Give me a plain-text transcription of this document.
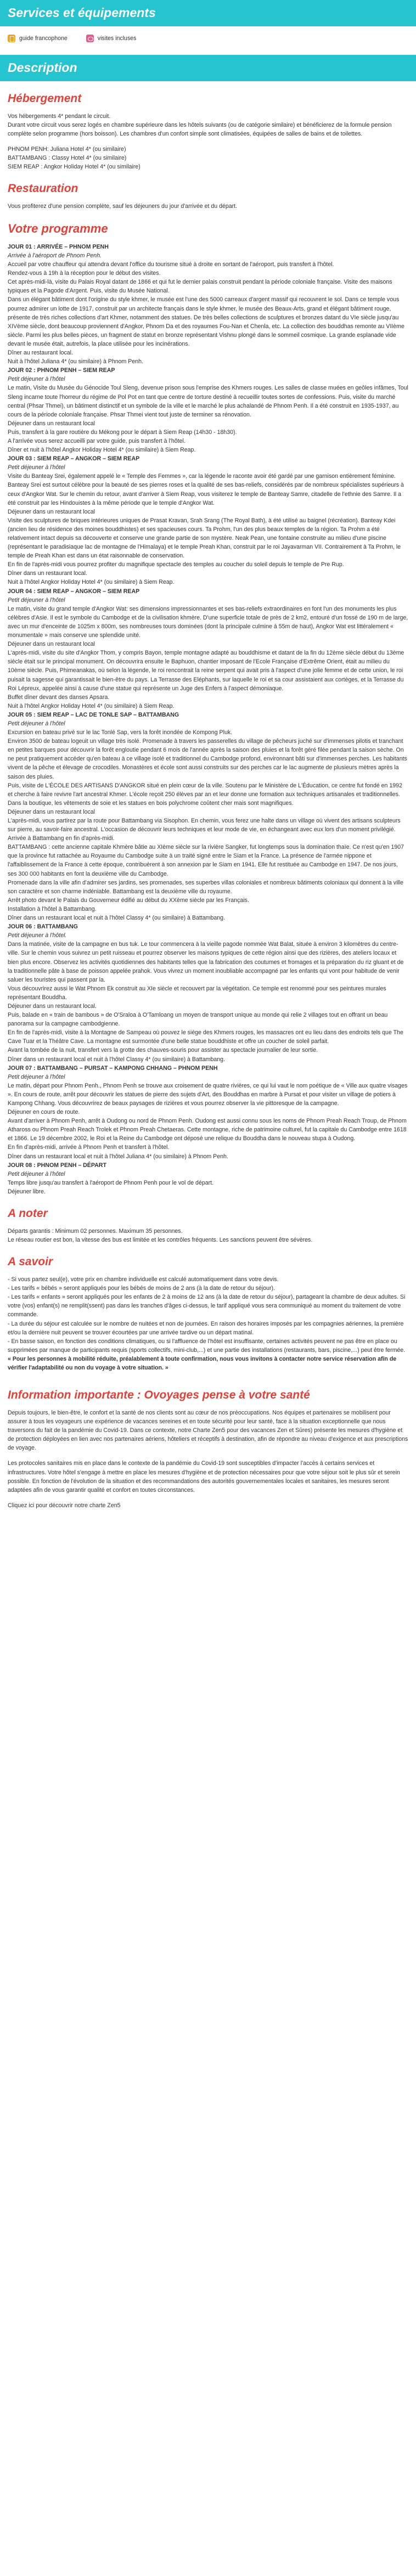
Services et équipements
guide francophone	visites incluses
Description
Hébergement

Vos hébergements 4* pendant le circuit.

Durant votre circuit vous serez logés en chambre supérieure dans les hôtels suivants (ou de catégorie similaire) et bénéficierez de la formule pension complète selon programme (hors boisson). Les chambres d'un confort simple sont climatisées, équipées de salles de bains et de toilettes.

PHNOM PENH: Juliana Hotel 4* (ou similaire)

BATTAMBANG : Classy Hotel 4* (ou similaire)

SIEM REAP : Angkor Holiday Hotel 4* (ou similaire)

Restauration

Vous profiterez d'une pension complète, sauf les déjeuners du jour d'arrivée et du départ.

Votre programme

JOUR 01 : ARRIVÉE – PHNOM PENH

Arrivée à l'aéroport de Phnom Penh.

Accueil par votre chauffeur qui attendra devant l'office du tourisme situé à droite en sortant de l'aéroport, puis transfert à l'hôtel.

Rendez-vous à 19h à la réception pour le début des visites.

Cet après-midi-là, visite du Palais Royal datant de 1866 et qui fut le dernier palais construit pendant la période coloniale française. Visite des maisons typiques et la Pagode d'Argent. Puis, visite du Musée National.

Dans un élégant bâtiment dont l'origine du style khmer, le musée est l'une des 5000 carreaux d'argent massif qui recouvrent le sol. Dans ce temple vous pourrez admirer un lotte de 1917, construit par un architecte français dans le style khmer, le musée des Beaux-Arts, grand et élégant bâtiment rouge, présente de très riches collections d'art Khmer, notamment des statues. De très belles collections de sculptures et bronzes datant du VIe siècle jusqu'au XIVème siècle, dont beaucoup proviennent d'Angkor, Phnom Da et des royaumes Fou-Nan et Chenla, etc. La collection des bouddhas remonte au VIIème siècle. Parmi les plus belles pièces, un fragment de statut en bronze représentant Vishnu plongé dans le sommeil cosmique. La grande esplanade vide devant le musée était, autrefois, la place utilisée pour les incinérations.

Dîner au restaurant local.

Nuit à l'hôtel Juliana 4* (ou similaire) à Phnom Penh.

JOUR 02 : PHNOM PENH – SIEM REAP

Petit déjeuner à l'hôtel

Le matin, Visite du Musée du Génocide Toul Sleng, devenue prison sous l'emprise des Khmers rouges. Les salles de classe muées en geôles infâmes, Toul Sleng incarne toute l'horreur du régime de Pol Pot en tant que centre de torture destiné à recueillir toutes sortes de confessions. Puis, visite du marché central (Phsar Thmei), un bâtiment distinctif et un symbole de la ville et le marché le plus achalandé de Phnom Penh. Il a été construit en 1935-1937, au cours de la période coloniale française. Phsar Thmei vient tout juste de terminer sa rénovation.

Déjeuner dans un restaurant local

Puis, transfert à la gare routière du Mékong pour le départ à Siem Reap (14h30 - 18h30).

A l'arrivée vous serez accueilli par votre guide, puis transfert à l'hôtel.

Dîner et nuit à l'hôtel Angkor Holiday Hotel 4* (ou similaire) à Siem Reap.

JOUR 03 : SIEM REAP – ANGKOR – SIEM REAP

Petit déjeuner à l'hôtel

Visite du Banteay Srei, également appelé le « Temple des Femmes », car la légende le raconte avoir été gardé par une garnison entièrement féminine. Banteay Srei est surtout célèbre pour la beauté de ses pierres roses et la qualité de ses bas-reliefs, considérés par de nombreux spécialistes supérieurs à ceux d'Angkor Wat. Sur le chemin du retour, avant d'arriver à Siem Reap, vous visiterez le temple de Banteay Samre, citadelle de l'ethnie des Samre. Il a été construit par les Hindouistes à la même période que le temple d'Angkor Wat.

Déjeuner dans un restaurant local

Visite des sculptures de briques intérieures uniques de Prasat Kravan, Srah Srang (The Royal Bath), à été utilisé au baignel (récréation). Banteay Kdei (ancien lieu de résidence des moines bouddhistes) et ses spacieuses cours. Ta Prohm, l'un des plus beaux temples de la région. Ta Prohm a été relativement intact depuis sa découverte et conserve une grande partie de son mystère. Neak Pean, une fontaine construite au milieu d'une piscine (représentant le paradisiaque lac de montagne de l'Himalaya) et le temple Preah Khan, construit par le roi Jayavarman VII. Contrairement à Ta Prohm, le temple de Preah Khan est dans un état raisonnable de conservation.

En fin de l'après-midi vous pourrez profiter du magnifique spectacle des temples au coucher du soleil depuis le temple de Pre Rup.

Dîner dans un restaurant local.

Nuit à l'hôtel Angkor Holiday Hotel 4* (ou similaire) à Siem Reap.

JOUR 04 : SIEM REAP – ANGKOR – SIEM REAP

Petit déjeuner à l'hôtel

Le matin, visite du grand temple d'Angkor Wat: ses dimensions impressionnantes et ses bas-reliefs extraordinaires en font l'un des monuments les plus célèbres d'Asie. Il est le symbole du Cambodge et de la civilisation khmère. D'une superficie totale de près de 2 km2, entouré d'un fossé de 190 m de large, avec un mur d'enceinte de 1025m x 800m, ses nombreuses tours dominées (dont la principale culmine à 55m de haut), Angkor Wat est littéralement « monumentale » mais conserve une splendide unité.

Déjeuner dans un restaurant local

L'après-midi, visite du site d'Angkor Thom, y compris Bayon, temple montagne adapté au bouddhisme et datant de la fin du 12ème siècle début du 13ème siècle était sur le principal monument. On découvrira ensuite le Baphuon, chantier imposant de l'Ecole Française d'Extrême Orient, était au milieu du 10ème siècle. Puis, Phimeanakas, où selon la légende, le roi rencontrait la reine serpent qui avait pris à l'aspect d'une jolie femme et de cette union, le roi puisait la sagesse qui garantissait le bien-être du pays. La Terrasse des Eléphants, sur laquelle le roi et sa cour assistaient aux cortèges, et la Terrasse du Roi Lépreux, appelée ainsi à cause d'une statue qui représente un Juge des Enfers à l'aspect démoniaque.

Buffet dîner devant des danses Apsara.

Nuit à l'hôtel Angkor Holiday Hotel 4* (ou similaire) à Siem Reap.

JOUR 05 : SIEM REAP – LAC DE TONLE SAP – BATTAMBANG

Petit déjeuner à l'hôtel

Excursion en bateau privé sur le lac Tonlé Sap, vers la forêt inondée de Kompong Pluk.

Environ 3500 de bateau logeuit un village très isolé. Promenade à travers les passerelles du village de pêcheurs juché sur d'immenses pilotis et tranchant en petites barques pour découvrir la forêt engloutie pendant 6 mois de l'année après la saison des pluies et la forêt géré filée pendant la saison sèche. On ne peut pratiquement accéder qu'en bateau à ce village isolé et traditionnel du Cambodge profond, environnant bâti sur d'immenses perches. Les habitants vivent de la pêche et élevage de crocodiles. Monastères et école sont aussi construits sur des perches car le lac augmente de plusieurs mètres après la saison des pluies.

Puis, visite de L'ÉCOLE DES ARTISANS D'ANGKOR situé en plein cœur de la ville. Soutenu par le Ministère de L'Éducation, ce centre fut fondé en 1992 et cherche à faire revivre l'art ancestral Khmer. L'école reçoit 250 élèves par an et leur donne une formation aux techniques artisanales et traditionnelles. Dans la boutique, les vêtements de soie et les statues en bois polychrome coûtent cher mais sont magnifiques.

Déjeuner dans un restaurant local

L'après-midi, vous partirez par la route pour Battambang via Sisophon. En chemin, vous ferez une halte dans un village où vivent des artisans sculpteurs sur pierre, au savoir-faire ancestral. L'occasion de découvrir leurs techniques et leur mode de vie, en échangeant avec eux lors d'un moment privilégié.

Arrivée à Battambang en fin d'après-midi.

BATTAMBANG : cette ancienne capitale Khmère bâtie au XIème siècle sur la rivière Sangker, fut longtemps sous la domination thaïe. Ce n'est qu'en 1907 que la province fut rattachée au Royaume du Cambodge suite à un traité signé entre le Siam et la France. La présence de l'armée nippone et l'affaiblissement de la France à cette époque, contribuèrent à son annexion par le Siam en 1941. Elle fut restituée au Cambodge en 1947. De nos jours, ses 300 000 habitants en font la deuxième ville du Cambodge.

Promenade dans la ville afin d'admirer ses jardins, ses promenades, ses superbes villas coloniales et nombreux bâtiments coloniaux qui donnent à la ville son caractère et son charme indéniable. Battambang est la deuxième ville du royaume.

Arrêt photo devant le Palais du Gouverneur édifié au début du XXème siècle par les Français.

Installation à l'hôtel à Battambang.

Dîner dans un restaurant local et nuit à l'hôtel Classy 4* (ou similaire) à Battambang.

JOUR 06 : BATTAMBANG

Petit déjeuner à l'hôtel.

Dans la matinée, visite de la campagne en bus tuk. Le tour commencera à la vieille pagode nommée Wat Balat, située à environ 3 kilomètres du centre-ville. Sur le chemin vous suivrez un petit ruisseau et pourrez observer les maisons typiques de cette région ainsi que des rizières, des ateliers locaux et bien plus encore. Observez les activités quotidiennes des habitants telles que la fabrication des coutumes et fromages et la préparation du riz gluant et de la traditionnelle pâte à base de poisson appelée prahok. Vous vivrez un moment inoubliable accompagné par les enfants qui vont pour habitude de venir saluer les touristes qui passent par la.

Vous découvrirez aussi le Wat Phnom Ek construit au XIe siècle et recouvert par la végétation. Ce temple est renommé pour ses peintures murales représentant Bouddha.

Déjeuner dans un restaurant local.

Puis, balade en « train de bambous » de O'Sraloa à O'Tamloang un moyen de transport unique au monde qui relie 2 villages tout en offrant un beau panorama sur la campagne cambodgienne.

En fin de l'après-midi, visite à la Montagne de Sampeau où pouvez le siège des Khmers rouges, les massacres ont eu lieu dans des endroits tels que The Cave Tuar et la Théâtre Cave. La montagne est surmontée d'une belle statue bouddhiste et offre un coucher de soleil parfait.

Avant la tombée de la nuit, transfert vers la grotte des chauves-souris pour assister au spectacle journalier de leur sortie.

Dîner dans un restaurant local et nuit à l'hôtel Classy 4* (ou similaire) à Battambang.

JOUR 07 : BATTAMBANG – PURSAT – KAMPONG CHHANG – PHNOM PENH

Petit déjeuner à l'hôtel

Le matin, départ pour Phnom Penh., Phnom Penh se trouve aux croisement de quatre rivières, ce qui lui vaut le nom poétique de « Ville aux quatre visages ». En cours de route, arrêt pour découvrir les statues de pierre des sujets d'Art, des Bouddhas en marbre à Pursat et pour visiter un village de potiers à Kampong Chhang. Vous découvrirez de beaux paysages de rizières et vous pourrez observer la vie pittoresque de la campagne.

Déjeuner en cours de route.

Avant d'arriver à Phnom Penh, arrêt à Oudong ou nord de Phnom Penh. Oudong est aussi connu sous les noms de Phnom Preah Reach Troup, de Phnom Athaross ou Phnom Preah Reach Trolek et Phnom Preah Chetaeras. Cette montagne, riche de patrimoine culturel, fut la capitale du Cambodge entre 1618 et 1866. Le 19 décembre 2002, le Roi et la Reine du Cambodge ont déposé une relique du Bouddha dans le nouveau stupa à Oudong.

En fin d'après-midi, arrivée à Phnom Penh et transfert à l'hôtel.

Dîner dans un restaurant local et nuit à l'hôtel Juliana 4* (ou similaire) à Phnom Penh.

JOUR 08 : PHNOM PENH – DÉPART

Petit déjeuner à l'hôtel

Temps libre jusqu'au transfert à l'aéroport de Phnom Penh pour le vol de départ.

Déjeuner libre.

A noter

Départs garantis : Minimum 02 personnes. Maximum 35 personnes.

Le réseau routier est bon, la vitesse des bus est limitée et les contrôles fréquents. Les sanctions peuvent être sévères.

A savoir

- Si vous partez seul(e), votre prix en chambre individuelle est calculé automatiquement dans votre devis.

- Les tarifs « bébés » seront appliqués pour les bébés de moins de 2 ans (à la date de retour du séjour).

- Les tarifs « enfants » seront appliqués pour les enfants de 2 à moins de 12 ans (à la date de retour du séjour), partageant la chambre de deux adultes. Si votre (vos) enfant(s) ne remplit(ssent) pas dans les tranches d'âges ci-dessus, le tarif appliqué vous sera communiqué au moment du traitement de votre commande.

- La durée du séjour est calculée sur le nombre de nuitées et non de journées. En raison des horaires imposés par les compagnies aériennes, la première et/ou la dernière nuit peuvent se trouver écourtées par une arrivée tardive ou un départ matinal.

- En basse saison, en fonction des conditions climatiques, ou si l'affluence de l'hôtel est insuffisante, certaines activités peuvent ne pas être en place ou supprimées par manque de participants requis (sports collectifs, mini-club,...) et une partie des installations (restaurants, bars, piscine,...) peut être fermée.

« Pour les personnes à mobilité réduite, préalablement à toute confirmation, nous vous invitons à contacter notre service réservation afin de vérifier l'adaptabilité ou non du voyage à votre situation. »

Information importante : Ovoyages pense à votre santé

Depuis toujours, le bien-être, le confort et la santé de nos clients sont au cœur de nos préoccupations. Nos équipes et partenaires se mobilisent pour assurer à tous les voyageurs une expérience de vacances sereines et en toute sécurité pour leur santé, face à la situation exceptionnelle que nous traversons du fait de la pandémie du Covid-19. Dans ce contexte, notre Charte Zen5 pour des vacances Zen et Sûres) présente les mesures d'hygiène et de protection déployées en lien avec nos partenaires aériens, hôteliers et réceptifs à destination, afin de répondre au niveau d'exigence et aux prescriptions de voyage.

Les protocoles sanitaires mis en place dans le contexte de la pandémie du Covid-19 sont susceptibles d'impacter l'accès à certains services et infrastructures. Votre hôtel s'engage à mettre en place les mesures d'hygiène et de protection nécessaires pour que votre séjour soit le plus sûr et serein possible. En fonction de l'évolution de la situation et des recommandations des autorités gouvernementales locales et sanitaires, les mesures seront adaptées afin de vous garantir qualité et confort en toutes circonstances.

Cliquez ici pour découvrir notre charte Zen5
